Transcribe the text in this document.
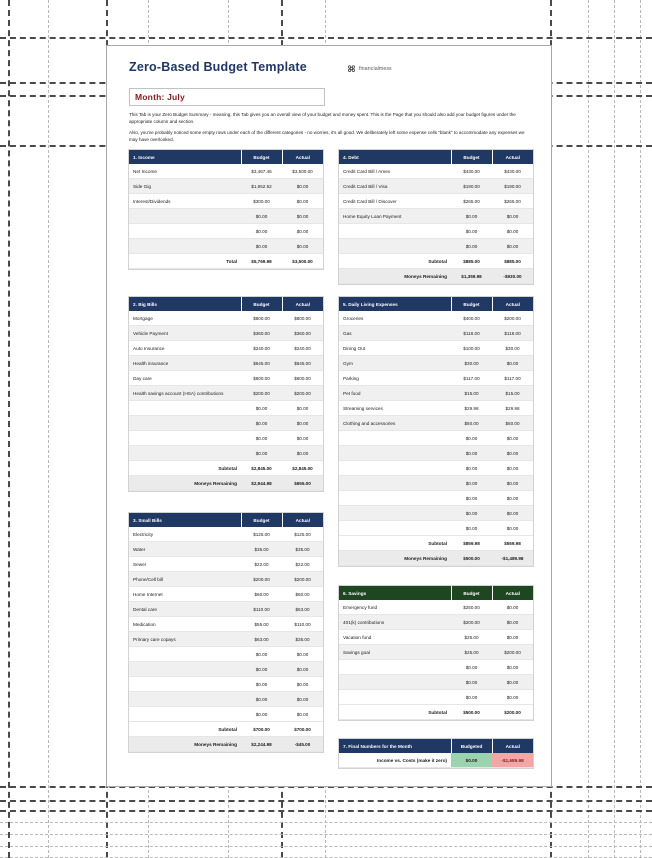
Zero-Based Budget Template	financialmess
Month: July
This Tab is your Zero Budget Summary - meaning, this Tab gives you an overall view of your budget and money spent. This is the Page that you should also add your budget figures under the appropriate column and section.
Also, you've probably noticed some empty rows under each of the different categories - no worries, it's all good. We deliberately left some expense cells "blank" to accommodate any expenses we may have overlooked.
1. Income	Budget	Actual
Net Income	$3,467.46	$3,500.00
Side Gig	$1,952.52	$0.00
Interest/Dividends	$300.00	$0.00
	$0.00	$0.00
	$0.00	$0.00
	$0.00	$0.00
Total	$5,769.98	$3,500.00
2. Big Bills	Budget	Actual
Mortgage	$800.00	$800.00
Vehicle Payment	$360.00	$360.00
Auto Insurance	$240.00	$240.00
Health insurance	$645.00	$645.00
Day care	$600.00	$600.00
Health savings account (HSA) contributions	$200.00	$200.00
	$0.00	$0.00
	$0.00	$0.00
	$0.00	$0.00
	$0.00	$0.00
Subtotal	$2,845.00	$2,845.00
Moneys Remaining	$2,944.98	$655.00
3. Small Bills	Budget	Actual
Electricity	$125.00	$125.00
Water	$35.00	$35.00
Sewer	$22.00	$22.00
Phone/Cell bill	$200.00	$200.00
Home Internet	$60.00	$60.00
Dental care	$110.00	$63.00
Medication	$55.00	$110.00
Primary care copays	$63.00	$35.00
	$0.00	$0.00
	$0.00	$0.00
	$0.00	$0.00
	$0.00	$0.00
	$0.00	$0.00
Subtotal	$700.00	$700.00
Moneys Remaining	$2,244.98	-$45.00
4. Debt	Budget	Actual
Credit Card Bill / Amex	$430.00	$430.00
Credit Card Bill / Visa	$190.00	$190.00
Credit Card Bill / Discover	$265.00	$265.00
Home Equity Loan Payment	$0.00	$0.00
	$0.00	$0.00
	$0.00	$0.00
Subtotal	$885.00	$885.00
Moneys Remaining	$1,359.98	-$930.00
5. Daily Living Expenses	Budget	Actual
Groceries	$400.00	$200.00
Gas	$118.00	$118.00
Dining Out	$100.00	$30.00
Gym	$30.00	$0.00
Parking	$117.00	$117.00
Pet food	$15.00	$15.00
Streaming services	$29.98	$29.98
Clothing and accessories	$50.00	$50.00
	$0.00	$0.00
	$0.00	$0.00
	$0.00	$0.00
	$0.00	$0.00
	$0.00	$0.00
	$0.00	$0.00
	$0.00	$0.00
Subtotal	$859.98	$559.98
Moneys Remaining	$500.00	-$1,489.98
6. Savings	Budget	Actual
Emergency fund	$250.00	$0.00
401(k) contributions	$200.00	$0.00
Vacation fund	$25.00	$0.00
Savings goal	$25.00	$200.00
	$0.00	$0.00
	$0.00	$0.00
	$0.00	$0.00
Subtotal	$500.00	$200.00
7. Final Numbers for the Month	Budgeted	Actual
Income vs. Costs (make it zero)	$0.00	-$1,689.98
